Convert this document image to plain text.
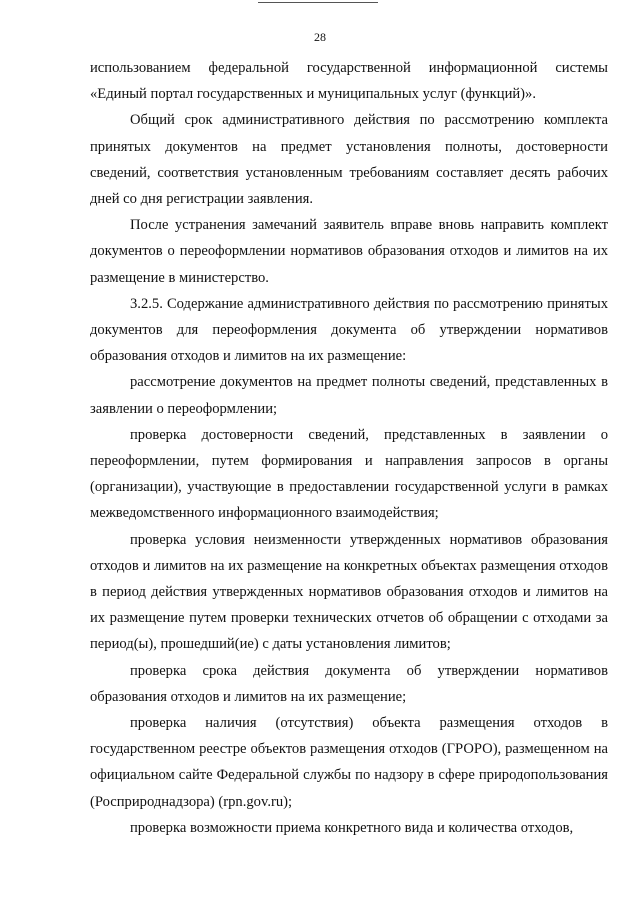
28

использованием федеральной государственной информационной системы «Единый портал государственных и муниципальных услуг (функций)».

Общий срок административного действия по рассмотрению комплекта принятых документов на предмет установления полноты, достоверности сведений, соответствия установленным требованиям составляет десять рабочих дней со дня регистрации заявления.

После устранения замечаний заявитель вправе вновь направить комплект документов о переоформлении нормативов образования отходов и лимитов на их размещение в министерство.

3.2.5. Содержание административного действия по рассмотрению принятых документов для переоформления документа об утверждении нормативов образования отходов и лимитов на их размещение:

рассмотрение документов на предмет полноты сведений, представленных в заявлении о переоформлении;

проверка достоверности сведений, представленных в заявлении о переоформлении, путем формирования и направления запросов в органы (организации), участвующие в предоставлении государственной услуги в рамках межведомственного информационного взаимодействия;

проверка условия неизменности утвержденных нормативов образования отходов и лимитов на их размещение на конкретных объектах размещения отходов в период действия утвержденных нормативов образования отходов и лимитов на их размещение путем проверки технических отчетов об обращении с отходами за период(ы), прошедший(ие) с даты установления лимитов;

проверка срока действия документа об утверждении нормативов образования отходов и лимитов на их размещение;

проверка наличия (отсутствия) объекта размещения отходов в государственном реестре объектов размещения отходов (ГРОРО), размещенном на официальном сайте Федеральной службы по надзору в сфере природопользования (Росприроднадзора) (rpn.gov.ru);

проверка возможности приема конкретного вида и количества отходов,
